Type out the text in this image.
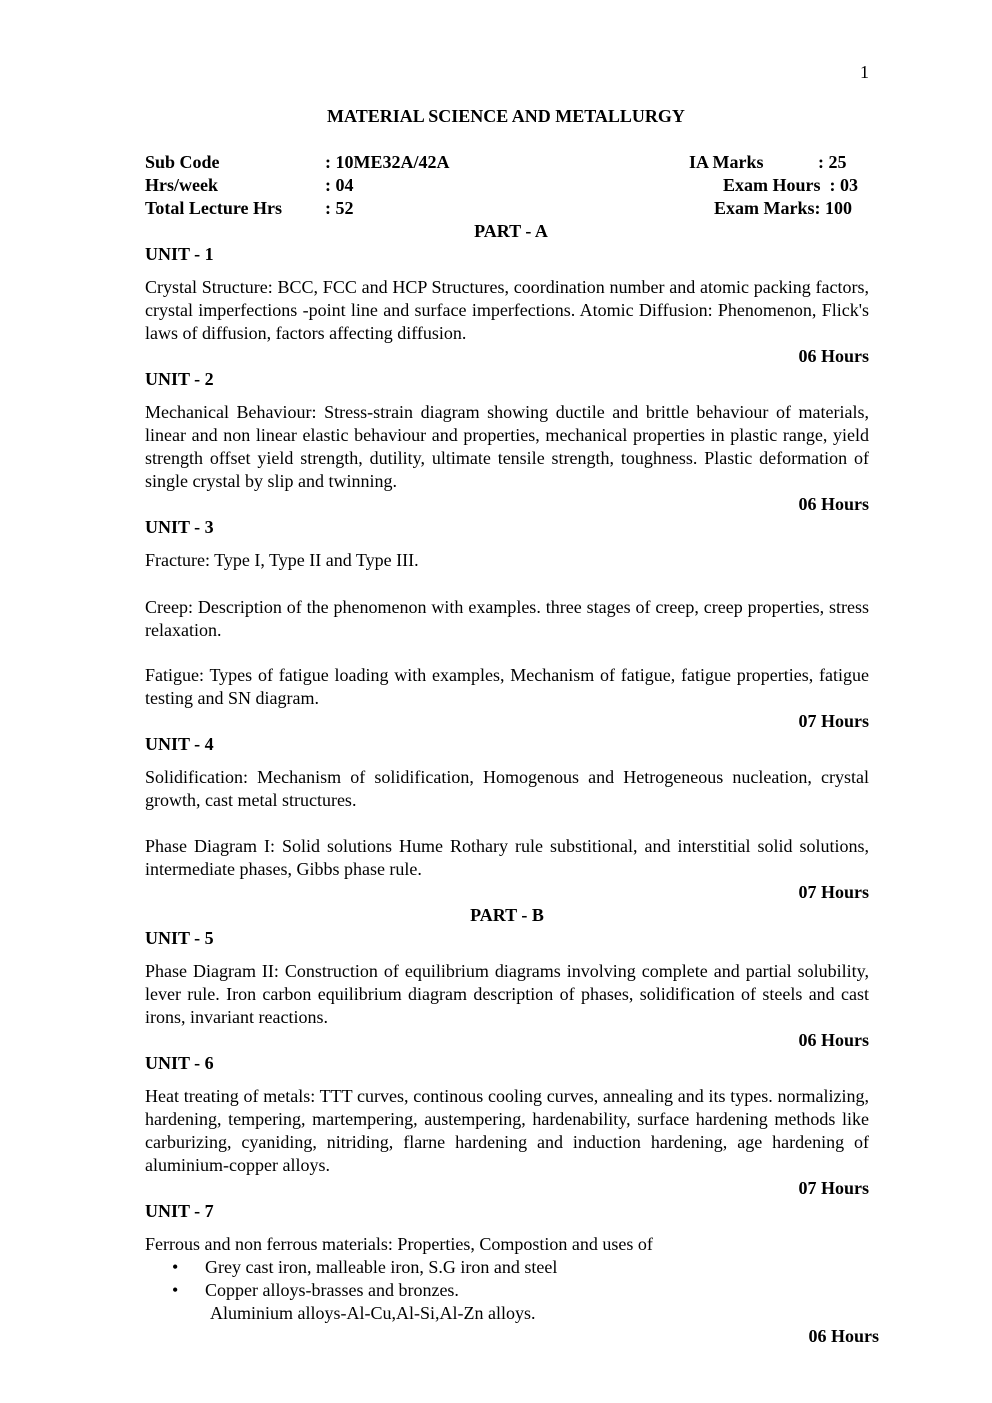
1
MATERIAL SCIENCE AND METALLURGY
Sub Code	: 10ME32A/42A
Hrs/week	: 04
Total Lecture Hrs : 52
IA Marks	: 25
Exam Hours  : 03
Exam Marks: 100
PART - A
UNIT - 1
Crystal Structure: BCC, FCC and HCP Structures, coordination number and atomic packing factors, crystal imperfections -point line and surface imperfections. Atomic Diffusion: Phenomenon, Flick's laws of diffusion, factors affecting diffusion.
06 Hours
UNIT - 2
Mechanical Behaviour: Stress-strain diagram showing ductile and brittle behaviour of materials, linear and non linear elastic behaviour and properties, mechanical properties in plastic range, yield strength offset yield strength, dutility, ultimate tensile strength, toughness. Plastic deformation of single crystal by slip and twinning.
06 Hours
UNIT - 3
Fracture: Type I, Type II and Type III.
Creep: Description of the phenomenon with examples. three stages of creep, creep properties, stress relaxation.
Fatigue: Types of fatigue loading with examples, Mechanism of fatigue, fatigue properties, fatigue testing and SN diagram.
07 Hours
UNIT - 4
Solidification: Mechanism of solidification, Homogenous and Hetrogeneous nucleation, crystal growth, cast metal structures.
Phase Diagram I: Solid solutions Hume Rothary rule substitional, and interstitial solid solutions, intermediate phases, Gibbs phase rule.
07 Hours
PART - B
UNIT - 5
Phase Diagram II: Construction of equilibrium diagrams involving complete and partial solubility, lever rule. Iron carbon equilibrium diagram description of phases, solidification of steels and cast irons, invariant reactions.
06 Hours
UNIT - 6
Heat treating of metals: TTT curves, continous cooling curves, annealing and its types. normalizing, hardening, tempering, martempering, austempering, hardenability, surface hardening methods like carburizing, cyaniding, nitriding, flarne hardening and induction hardening, age hardening of aluminium-copper alloys.
07 Hours
UNIT - 7
Ferrous and non ferrous materials: Properties, Compostion and uses of
• Grey cast iron, malleable iron, S.G iron and steel
• Copper alloys-brasses and bronzes.
Aluminium alloys-Al-Cu,Al-Si,Al-Zn alloys.
06 Hours
